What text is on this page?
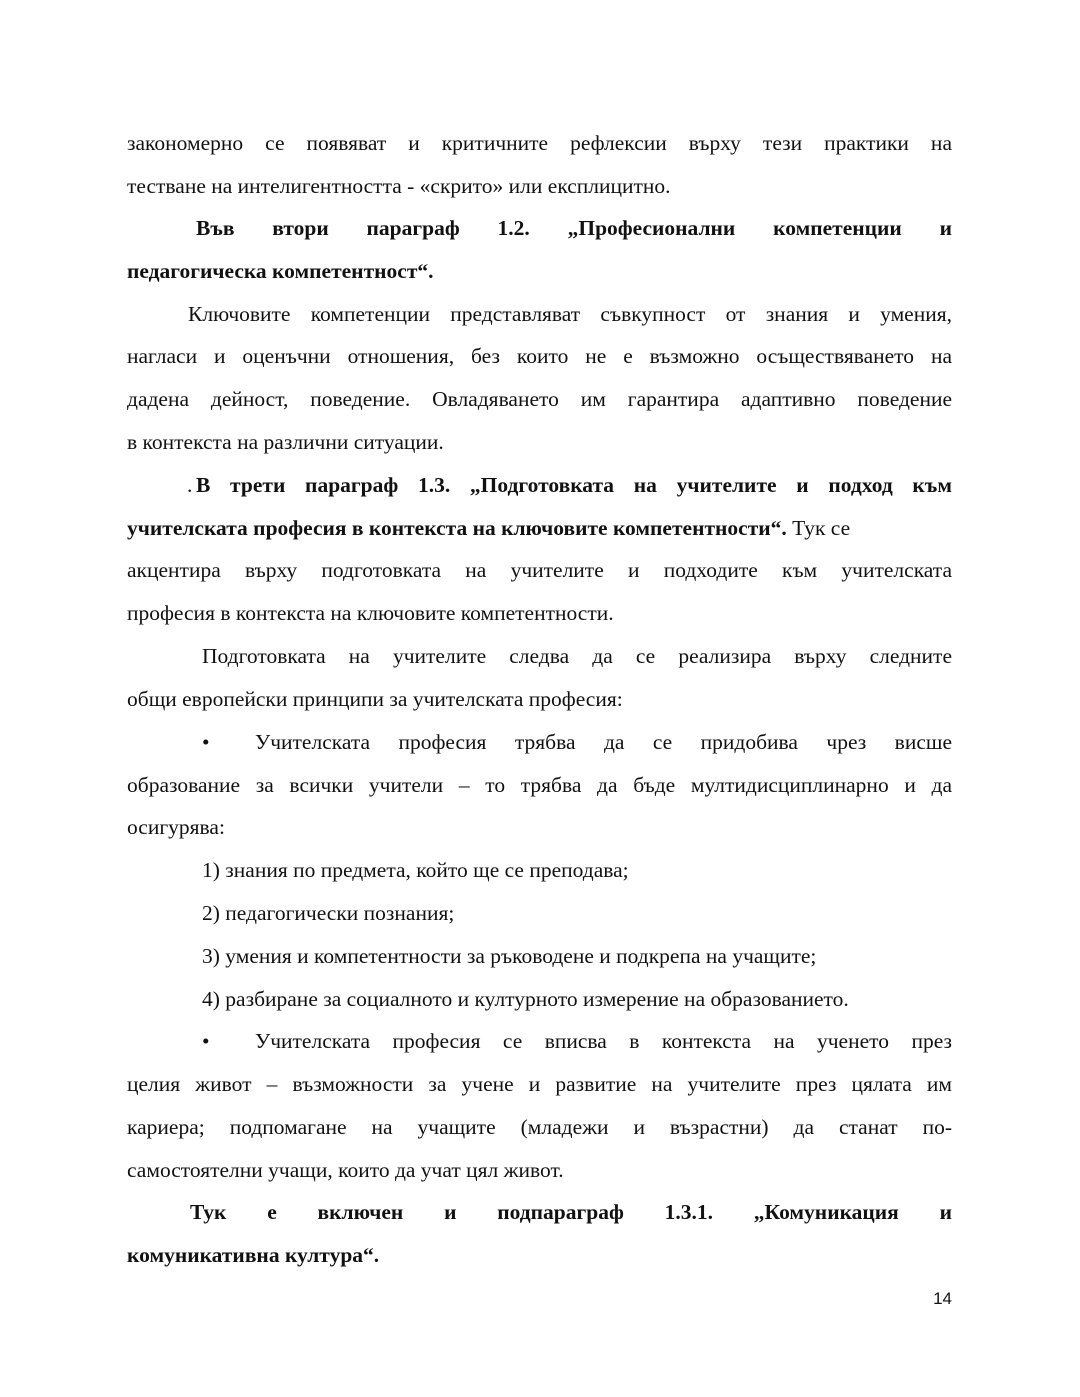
закономерно се появяват и критичните рефлексии върху тези практики на
тестване на интелигентността - «скрито» или експлицитно.
Във втори параграф 1.2. „Професионални компетенции и
педагогическа компетентност“.
Ключовите компетенции представляват съвкупност от знания и умения,
нагласи и оценъчни отношения, без които не е възможно осъществяването на
дадена дейност, поведение. Овладяването им гарантира адаптивно поведение
в контекста на различни ситуации.
. В трети параграф 1.3. „Подготовката на учителите и подход към
учителската професия в контекста на ключовите компетентности“. Тук се
акцентира върху подготовката на учителите и подходите към учителската
професия в контекста на ключовите компетентности.
Подготовката на учителите следва да се реализира върху следните
общи европейски принципи за учителската професия:
•	Учителската професия трябва да се придобива чрез висше
образование за всички учители – то трябва да бъде мултидисциплинарно и да
осигурява:
1) знания по предмета, който ще се преподава;
2) педагогически познания;
3) умения и компетентности за ръководене и подкрепа на учащите;
4) разбиране за социалното и културното измерение на образованието.
•	Учителската професия се вписва в контекста на ученето през
целия живот – възможности за учене и развитие на учителите през цялата им
кариера; подпомагане на учащите (младежи и възрастни) да станат по-
самостоятелни учащи, които да учат цял живот.
Тук е включен и подпараграф 1.3.1. „Комуникация и
комуникативна култура“.
14
